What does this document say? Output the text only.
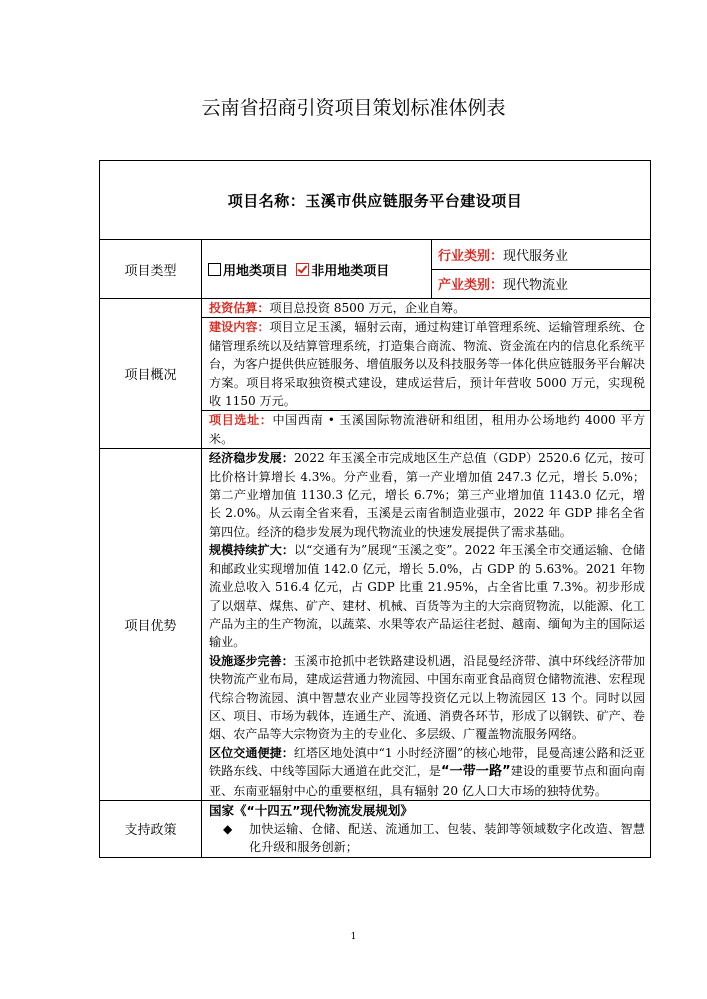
云南省招商引资项目策划标准体例表
项目名称：玉溪市供应链服务平台建设项目		
项目类型	用地类项目 非用地类项目	行业类别：现代服务业
		产业类别：现代物流业
项目概况	投资估算：项目总投资 8500 万元，企业自筹。	
	建设内容：项目立足玉溪，辐射云南，通过构建订单管理系统、运输管理系统、仓储管理系统以及结算管理系统，打造集合商流、物流、资金流在内的信息化系统平台，为客户提供供应链服务、增值服务以及科技服务等一体化供应链服务平台解决方案。项目将采取独资模式建设，建成运营后，预计年营收 5000 万元，实现税收 1150 万元。	
	项目选址：中国西南 • 玉溪国际物流港研和组团，租用办公场地约 4000 平方米。	
项目优势	经济稳步发展：2022 年玉溪全市完成地区生产总值（GDP）2520.6 亿元，按可比价格计算增长 4.3%。分产业看，第一产业增加值 247.3 亿元，增长 5.0%；第二产业增加值 1130.3 亿元，增长 6.7%；第三产业增加值 1143.0 亿元，增长 2.0%。从云南全省来看，玉溪是云南省制造业强市，2022 年 GDP 排名全省第四位。经济的稳步发展为现代物流业的快速发展提供了需求基础。

规模持续扩大：以“交通有为”展现“玉溪之变”。2022 年玉溪全市交通运输、仓储和邮政业实现增加值 142.0 亿元，增长 5.0%，占 GDP 的 5.63%。2021 年物流业总收入 516.4 亿元，占 GDP 比重 21.95%，占全省比重 7.3%。初步形成了以烟草、煤焦、矿产、建材、机械、百货等为主的大宗商贸物流，以能源、化工产品为主的生产物流，以蔬菜、水果等农产品运往老挝、越南、缅甸为主的国际运输业。

设施逐步完善：玉溪市抢抓中老铁路建设机遇，沿昆曼经济带、滇中环线经济带加快物流产业布局，建成运营通力物流园、中国东南亚食品商贸仓储物流港、宏程现代综合物流园、滇中智慧农业产业园等投资亿元以上物流园区 13 个。同时以园区、项目、市场为载体，连通生产、流通、消费各环节，形成了以钢铁、矿产、卷烟、农产品等大宗物资为主的专业化、多层级、广覆盖物流服务网络。

区位交通便捷：红塔区地处滇中“1 小时经济圈”的核心地带，昆曼高速公路和泛亚铁路东线、中线等国际大通道在此交汇，是“一带一路”建设的重要节点和面向南亚、东南亚辐射中心的重要枢纽，具有辐射 20 亿人口大市场的独特优势。	

支持政策	国家《“十四五”现代物流发展规划》
◆ 加快运输、仓储、配送、流通加工、包装、装卸等领域数字化改造、智慧化升级和服务创新；	
1
